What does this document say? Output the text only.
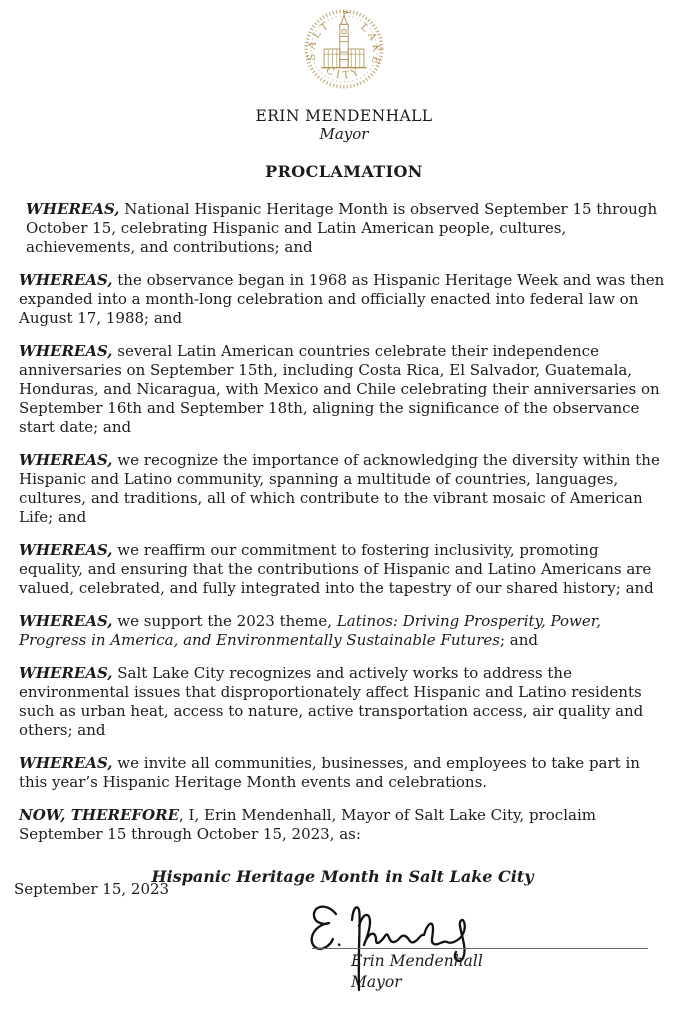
SALT	LAKE
CITY
ERIN MENDENHALL
Mayor
PROCLAMATION

WHEREAS, National Hispanic Heritage Month is observed September 15 through October 15, celebrating Hispanic and Latin American people, cultures, achievements, and contributions; and

WHEREAS, the observance began in 1968 as Hispanic Heritage Week and was then expanded into a month-long celebration and officially enacted into federal law on August 17, 1988; and

WHEREAS, several Latin American countries celebrate their independence anniversaries on September 15th, including Costa Rica, El Salvador, Guatemala, Honduras, and Nicaragua, with Mexico and Chile celebrating their anniversaries on September 16th and September 18th, aligning the significance of the observance start date; and

WHEREAS, we recognize the importance of acknowledging the diversity within the Hispanic and Latino community, spanning a multitude of countries, languages, cultures, and traditions, all of which contribute to the vibrant mosaic of American Life; and

WHEREAS, we reaffirm our commitment to fostering inclusivity, promoting equality, and ensuring that the contributions of Hispanic and Latino Americans are valued, celebrated, and fully integrated into the tapestry of our shared history; and

WHEREAS, we support the 2023 theme, Latinos: Driving Prosperity, Power, Progress in America, and Environmentally Sustainable Futures; and

WHEREAS, Salt Lake City recognizes and actively works to address the environmental issues that disproportionately affect Hispanic and Latino residents such as urban heat, access to nature, active transportation access, air quality and others; and

WHEREAS, we invite all communities, businesses, and employees to take part in this year’s Hispanic Heritage Month events and celebrations.

NOW, THEREFORE, I, Erin Mendenhall, Mayor of Salt Lake City, proclaim September 15 through October 15, 2023, as:

Hispanic Heritage Month in Salt Lake City
September 15, 2023
Erin Mendenhall
Mayor
